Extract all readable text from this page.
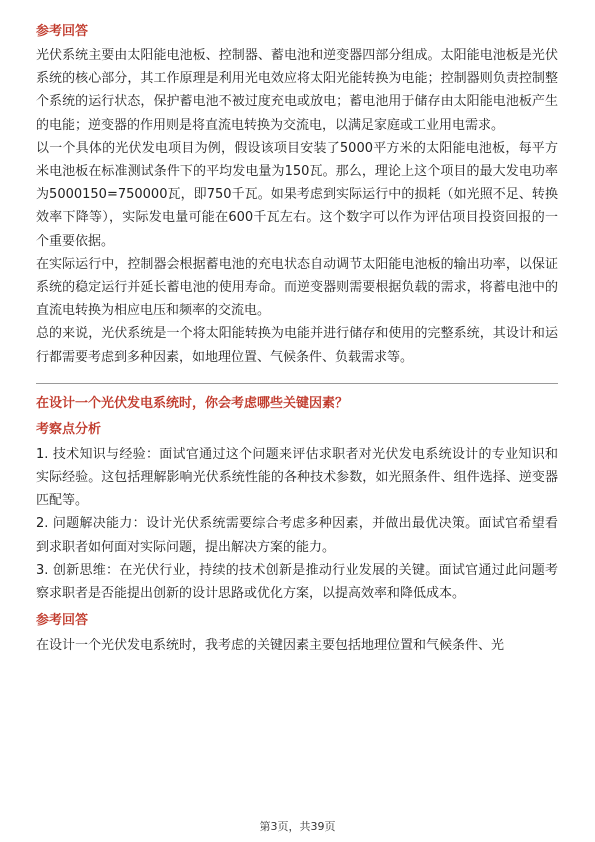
参考回答

光伏系统主要由太阳能电池板、控制器、蓄电池和逆变器四部分组成。太阳能电池板是光伏系统的核心部分，其工作原理是利用光电效应将太阳光能转换为电能；控制器则负责控制整个系统的运行状态，保护蓄电池不被过度充电或放电；蓄电池用于储存由太阳能电池板产生的电能；逆变器的作用则是将直流电转换为交流电，以满足家庭或工业用电需求。

以一个具体的光伏发电项目为例，假设该项目安装了5000平方米的太阳能电池板，每平方米电池板在标准测试条件下的平均发电量为150瓦。那么，理论上这个项目的最大发电功率为5000150=750000瓦，即750千瓦。如果考虑到实际运行中的损耗（如光照不足、转换效率下降等），实际发电量可能在600千瓦左右。这个数字可以作为评估项目投资回报的一个重要依据。

在实际运行中，控制器会根据蓄电池的充电状态自动调节太阳能电池板的输出功率，以保证系统的稳定运行并延长蓄电池的使用寿命。而逆变器则需要根据负载的需求，将蓄电池中的直流电转换为相应电压和频率的交流电。

总的来说，光伏系统是一个将太阳能转换为电能并进行储存和使用的完整系统，其设计和运行都需要考虑到多种因素，如地理位置、气候条件、负载需求等。

在设计一个光伏发电系统时，你会考虑哪些关键因素？

考察点分析

1. 技术知识与经验：面试官通过这个问题来评估求职者对光伏发电系统设计的专业知识和实际经验。这包括理解影响光伏系统性能的各种技术参数，如光照条件、组件选择、逆变器匹配等。

2. 问题解决能力：设计光伏系统需要综合考虑多种因素，并做出最优决策。面试官希望看到求职者如何面对实际问题，提出解决方案的能力。

3. 创新思维：在光伏行业，持续的技术创新是推动行业发展的关键。面试官通过此问题考察求职者是否能提出创新的设计思路或优化方案，以提高效率和降低成本。

参考回答

在设计一个光伏发电系统时，我考虑的关键因素主要包括地理位置和气候条件、光

第3页，共39页
